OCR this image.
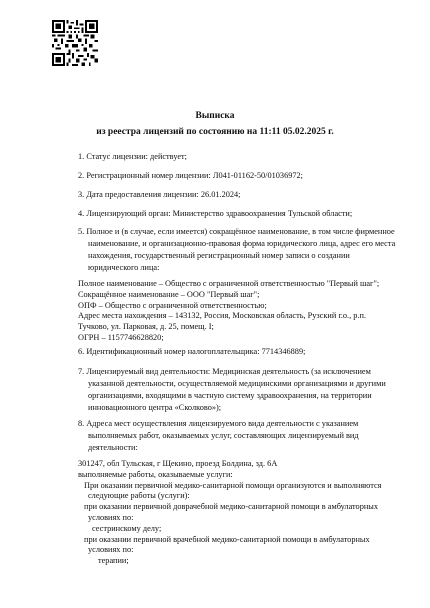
Выписка
из реестра лицензий по состоянию на 11:11 05.02.2025 г.
1. Статус лицензии: действует;
2. Регистрационный номер лицензии: Л041-01162-50/01036972;
3. Дата предоставления лицензии: 26.01.2024;
4. Лицензирующий орган: Министерство здравоохранения Тульской области;
5. Полное и (в случае, если имеется) сокращённое наименование, в том числе фирменное наименование, и организационно-правовая форма юридического лица, адрес его места нахождения, государственный регистрационный номер записи о создании юридического лица:
Полное наименование – Общество с ограниченной ответственностью "Первый шаг";
Сокращённое наименование – ООО "Первый шаг";
ОПФ – Общество с ограниченной ответственностью;
Адрес места нахождения – 143132, Россия, Московская область, Рузский г.о., р.п.
Тучково, ул. Парковая, д. 25, помещ. I;
ОГРН – 1157746628820;
6. Идентификационный номер налогоплательщика: 7714346889;
7. Лицензируемый вид деятельности: Медицинская деятельность (за исключением указанной деятельности, осуществляемой медицинскими организациями и другими организациями, входящими в частную систему здравоохранения, на территории инновационного центра «Сколково»);
8. Адреса мест осуществления лицензируемого вида деятельности с указанием выполняемых работ, оказываемых услуг, составляющих лицензируемый вид деятельности:
301247, обл Тульская, г Щекино, проезд Болдина, зд. 6А
выполняемые работы, оказываемые услуги:
При оказании первичной медико-санитарной помощи организуются и выполняются
следующие работы (услуги):
при оказании первичной доврачебной медико-санитарной помощи в амбулаторных
условиях по:
сестринскому делу;
при оказании первичной врачебной медико-санитарной помощи в амбулаторных
условиях по:
терапии;
